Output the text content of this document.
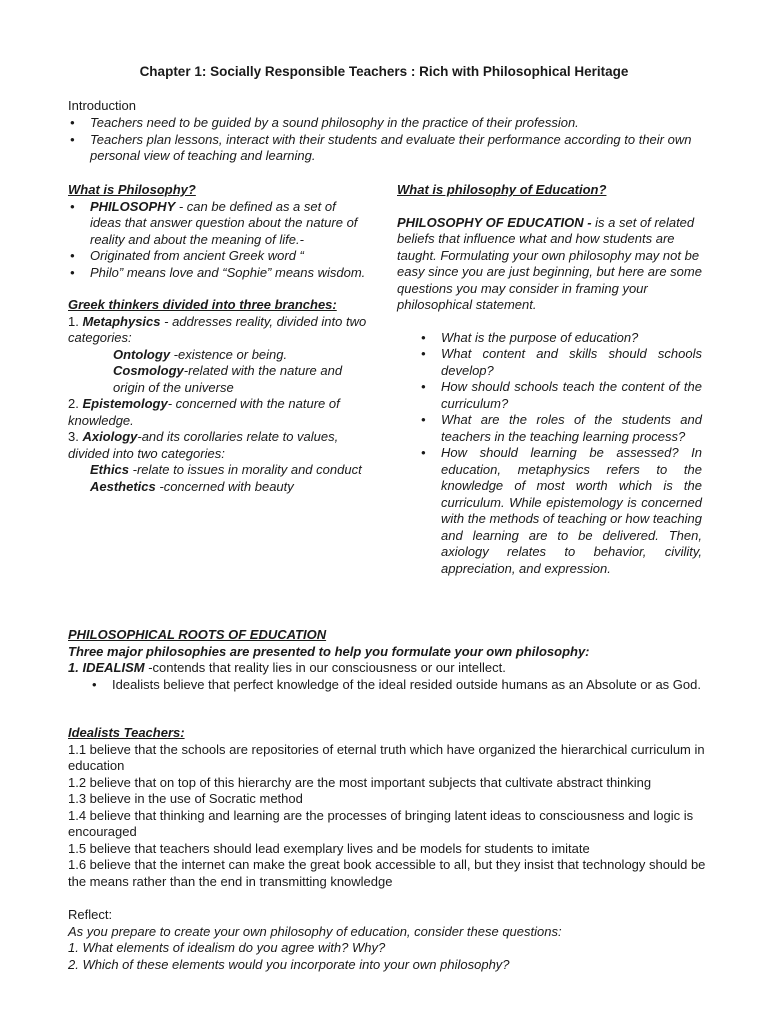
Chapter 1: Socially Responsible Teachers : Rich with Philosophical Heritage
Introduction
• Teachers need to be guided by a sound philosophy in the practice of their profession.
• Teachers plan lessons, interact with their students and evaluate their performance according to their own personal view of teaching and learning.
What is Philosophy?
• PHILOSOPHY - can be defined as a set of ideas that answer question about the nature of reality and about the meaning of life.-
• Originated from ancient Greek word “
• Philo” means love and “Sophie” means wisdom.
Greek thinkers divided into three branches:
1. Metaphysics - addresses reality, divided into two categories:
Ontology -existence or being.
Cosmology-related with the nature and origin of the universe
2. Epistemology- concerned with the nature of knowledge.
3. Axiology-and its corollaries relate to values, divided into two categories:
Ethics -relate to issues in morality and conduct
Aesthetics -concerned with beauty
What is philosophy of Education?
PHILOSOPHY OF EDUCATION - is a set of related beliefs that influence what and how students are taught. Formulating your own philosophy may not be easy since you are just beginning, but here are some questions you may consider in framing your philosophical statement.
• What is the purpose of education?
• What content and skills should schools develop?
• How should schools teach the content of the curriculum?
• What are the roles of the students and teachers in the teaching learning process?
• How should learning be assessed? In education, metaphysics refers to the knowledge of most worth which is the curriculum. While epistemology is concerned with the methods of teaching or how teaching and learning are to be delivered. Then, axiology relates to behavior, civility, appreciation, and expression.
PHILOSOPHICAL ROOTS OF EDUCATION
Three major philosophies are presented to help you formulate your own philosophy:
1. IDEALISM -contends that reality lies in our consciousness or our intellect.
• Idealists believe that perfect knowledge of the ideal resided outside humans as an Absolute or as God.
Idealists Teachers:
1.1 believe that the schools are repositories of eternal truth which have organized the hierarchical curriculum in education
1.2 believe that on top of this hierarchy are the most important subjects that cultivate abstract thinking
1.3 believe in the use of Socratic method
1.4 believe that thinking and learning are the processes of bringing latent ideas to consciousness and logic is encouraged
1.5 believe that teachers should lead exemplary lives and be models for students to imitate
1.6 believe that the internet can make the great book accessible to all, but they insist that technology should be the means rather than the end in transmitting knowledge
Reflect:
As you prepare to create your own philosophy of education, consider these questions:
1. What elements of idealism do you agree with? Why?
2. Which of these elements would you incorporate into your own philosophy?
